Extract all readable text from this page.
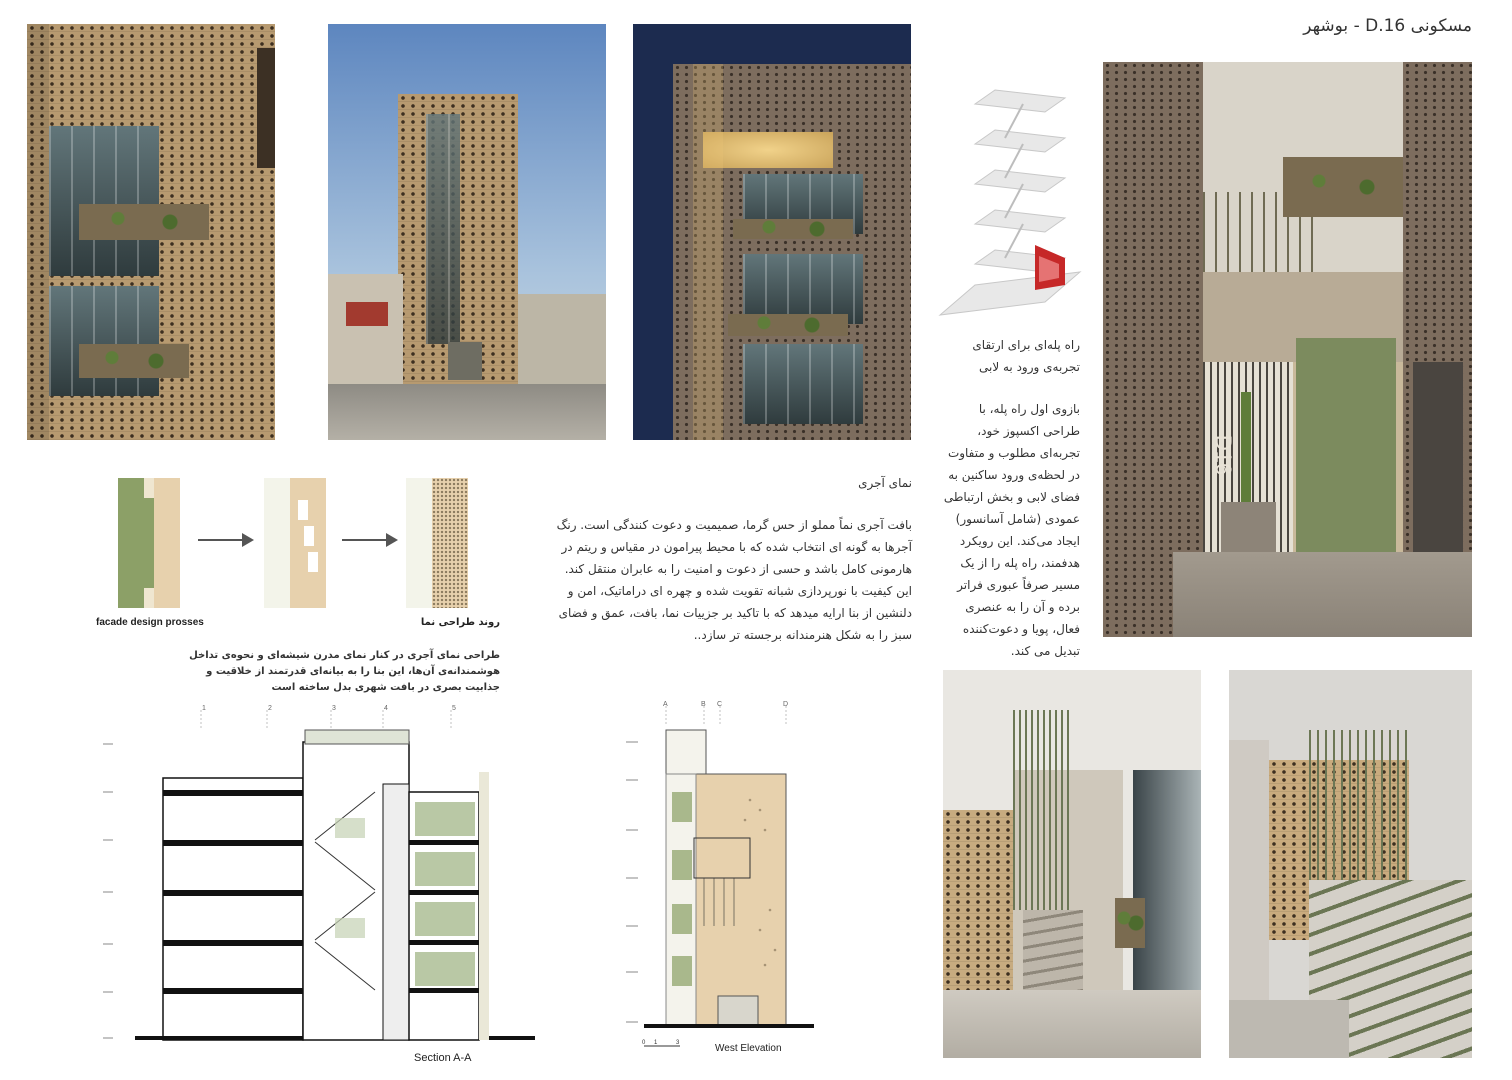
مسکونی D.16 - بوشهر
راه پله‌ای برای ارتقای تجربه‌ی ورود به لابی
بازوی اول راه پله، با طراحی اکسپوز خود، تجربه‌ای مطلوب و متفاوت در لحظه‌ی ورود ساکنین به فضای لابی و بخش ارتباطی عمودی (شامل آسانسور) ایجاد می‌کند. این رویکرد هدفمند، راه پله را از یک مسیر صرفاً عبوری فراتر برده و آن را به عنصری فعال، پویا و دعوت‌کننده تبدیل می کند.
D16
facade design prosses	روند طراحی نما
طراحی نمای آجری در کنار نمای مدرن شیشه‌ای و نحوه‌ی تداخل هوشمندانه‌ی آن‌ها، این بنا را به بیانه‌ای قدرتمند از خلاقیت و جذابیت بصری در بافت شهری بدل ساخته است
نمای آجری
بافت آجری نماً مملو از حس گرما، صمیمیت و دعوت کنندگی است. رنگ آجرها به گونه ای انتخاب شده که با محیط پیرامون در مقیاس و ریتم در هارمونی کامل باشد و حسی از دعوت و امنیت را به عابران منتقل کند. این کیفیت با نورپردازی شبانه تقویت شده و چهره ای دراماتیک، امن و دلنشین از بنا ارایه میدهد که با تاکید بر جزییات نما، بافت، عمق و فضای سبز را به شکل هنرمندانه برجسته تر سازد..
1	2	3	4	5
Section A-A
A	B C	D
0 1	3	West Elevation
